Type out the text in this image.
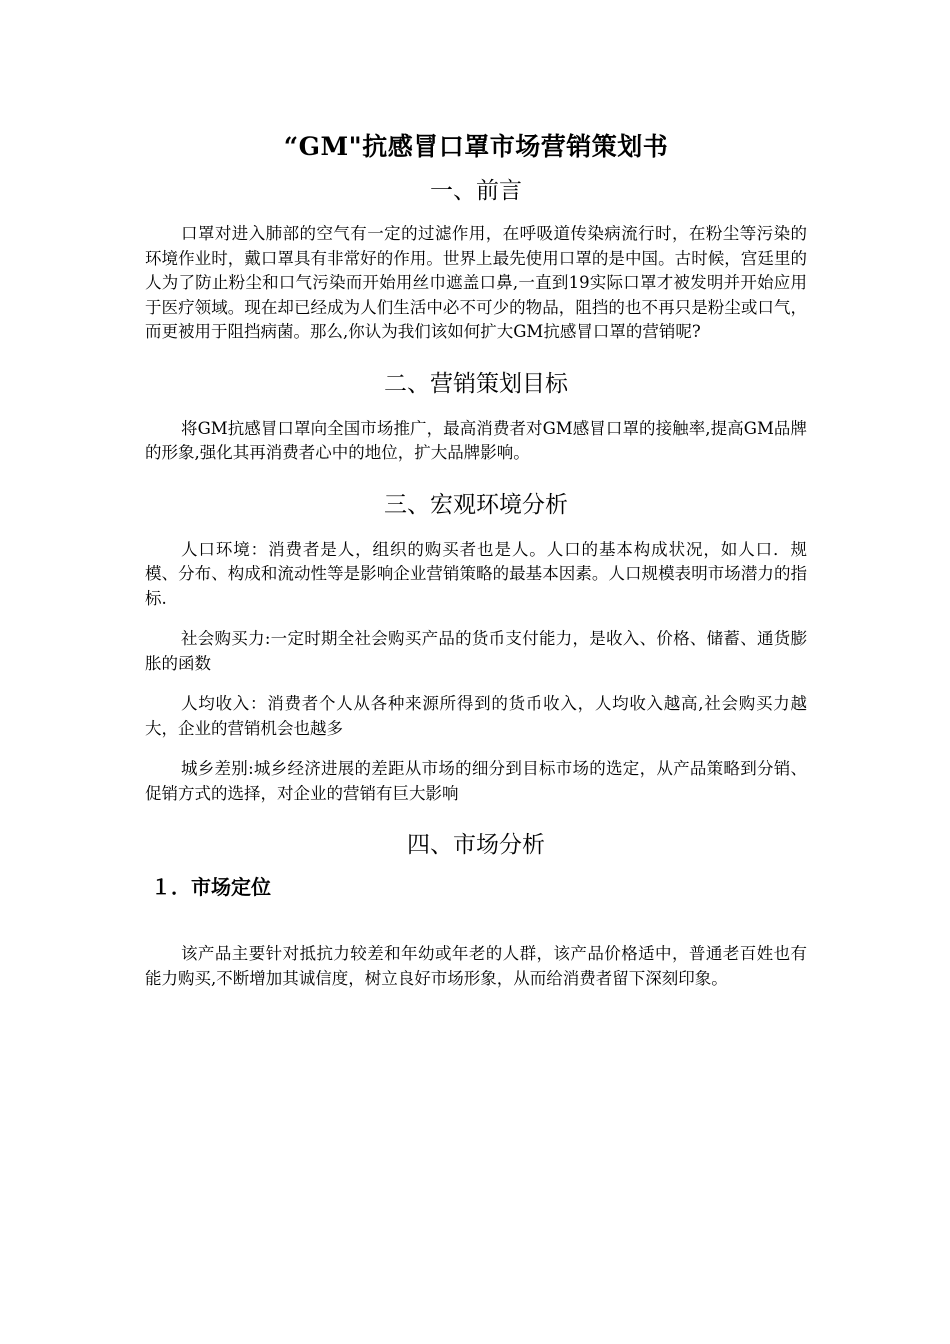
“GM"抗感冒口罩市场营销策划书
一、前言

口罩对进入肺部的空气有一定的过滤作用，在呼吸道传染病流行时，在粉尘等污染的环境作业时，戴口罩具有非常好的作用。世界上最先使用口罩的是中国。古时候，宫廷里的人为了防止粉尘和口气污染而开始用丝巾遮盖口鼻,一直到19实际口罩才被发明并开始应用于医疗领域。现在却已经成为人们生活中必不可少的物品，阻挡的也不再只是粉尘或口气，而更被用于阻挡病菌。那么,你认为我们该如何扩大GM抗感冒口罩的营销呢?

二、营销策划目标

将GM抗感冒口罩向全国市场推广，最高消费者对GM感冒口罩的接触率,提高GM品牌的形象,强化其再消费者心中的地位，扩大品牌影响。

三、宏观环境分析

人口环境：消费者是人，组织的购买者也是人。人口的基本构成状况，如人口．规模、分布、构成和流动性等是影响企业营销策略的最基本因素。人口规模表明市场潜力的指标.

社会购买力:一定时期全社会购买产品的货币支付能力，是收入、价格、储蓄、通货膨胀的函数

人均收入：消费者个人从各种来源所得到的货币收入，人均收入越高,社会购买力越大，企业的营销机会也越多

城乡差别:城乡经济进展的差距从市场的细分到目标市场的选定，从产品策略到分销、促销方式的选择，对企业的营销有巨大影响

四、市场分析
１．市场定位

该产品主要针对抵抗力较差和年幼或年老的人群，该产品价格适中，普通老百姓也有能力购买,不断增加其诚信度，树立良好市场形象，从而给消费者留下深刻印象。
